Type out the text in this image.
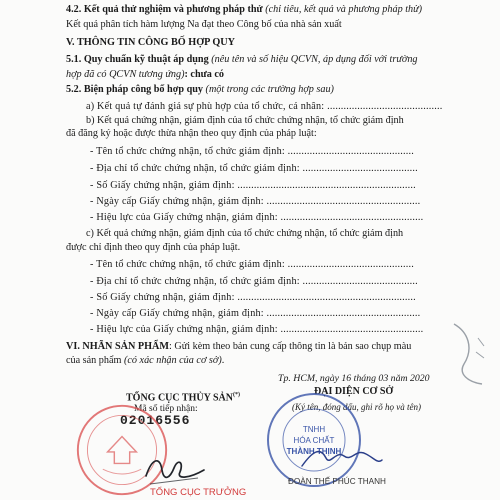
4.2. Kết quả thử nghiệm và phương pháp thử (chỉ tiêu, kết quả và phương pháp thử)
Kết quả phân tích hàm lượng Na đạt theo Công bố của nhà sản xuất
V. THÔNG TIN CÔNG BỐ HỢP QUY
5.1. Quy chuẩn kỹ thuật áp dụng (nêu tên và số hiệu QCVN, áp dụng đối với trường
hợp đã có QCVN tương ứng): chưa có
5.2. Biện pháp công bố hợp quy (một trong các trường hợp sau)
a) Kết quả tự đánh giá sự phù hợp của tổ chức, cá nhân: ..........................................
b) Kết quả chứng nhận, giám định của tổ chức chứng nhận, tổ chức giám định
đã đăng ký hoặc được thừa nhận theo quy định của pháp luật:
- Tên tổ chức chứng nhận, tổ chức giám định: ..............................................
- Địa chỉ tổ chức chứng nhận, tổ chức giám định: ..........................................
- Số Giấy chứng nhận, giám định: .................................................................
- Ngày cấp Giấy chứng nhận, giám định: ........................................................
- Hiệu lực của Giấy chứng nhận, giám định: ....................................................
c) Kết quả chứng nhận, giám định của tổ chức chứng nhận, tổ chức giám định
được chỉ định theo quy định của pháp luật.
- Tên tổ chức chứng nhận, tổ chức giám định: ..............................................
- Địa chỉ tổ chức chứng nhận, tổ chức giám định: ..........................................
- Số Giấy chứng nhận, giám định: .................................................................
- Ngày cấp Giấy chứng nhận, giám định: ........................................................
- Hiệu lực của Giấy chứng nhận, giám định: ....................................................
VI. NHÃN SẢN PHẨM: Gửi kèm theo bản cung cấp thông tin là bản sao chụp màu
của sản phẩm (có xác nhận của cơ sở).
Tp. HCM, ngày 16 tháng 03 năm 2020
ĐẠI DIỆN CƠ SỞ
(Ký tên, đóng dấu, ghi rõ họ và tên)
TỔNG CỤC THỦY SẢN(*)
Mã số tiếp nhận:
02016556
TỔNG CỤC TRƯỞNG
TNHH
HÓA CHẤT
THÀNH THỊNH
ĐOÀN THẾ PHÚC THANH
